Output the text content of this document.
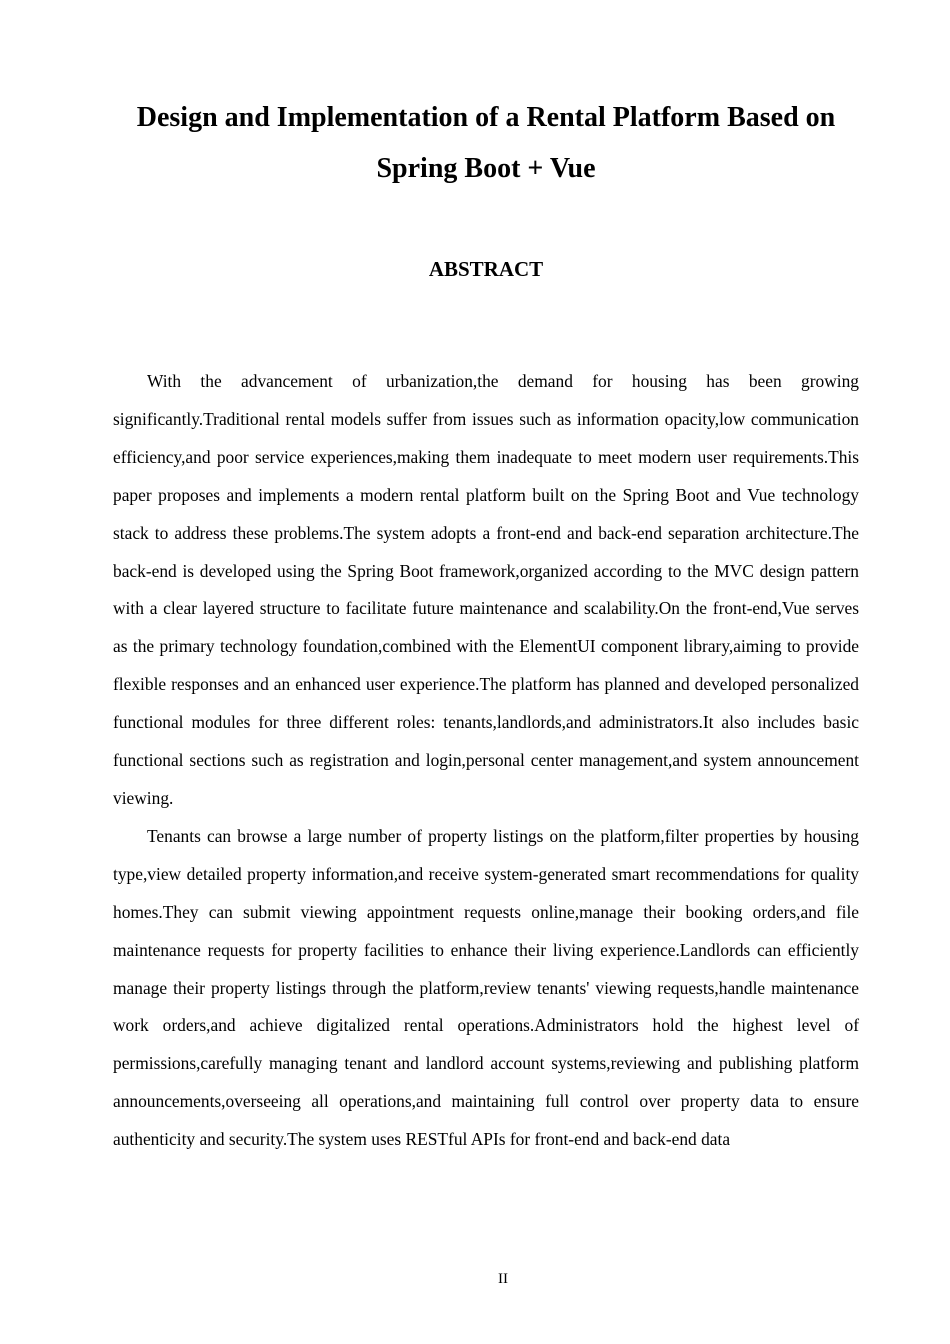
Design and Implementation of a Rental Platform Based on Spring Boot + Vue
ABSTRACT

With the advancement of urbanization,the demand for housing has been growing significantly.Traditional rental models suffer from issues such as information opacity,low communication efficiency,and poor service experiences,making them inadequate to meet modern user requirements.This paper proposes and implements a modern rental platform built on the Spring Boot and Vue technology stack to address these problems.The system adopts a front-end and back-end separation architecture.The back-end is developed using the Spring Boot framework,organized according to the MVC design pattern with a clear layered structure to facilitate future maintenance and scalability.On the front-end,Vue serves as the primary technology foundation,combined with the ElementUI component library,aiming to provide flexible responses and an enhanced user experience.The platform has planned and developed personalized functional modules for three different roles: tenants,landlords,and administrators.It also includes basic functional sections such as registration and login,personal center management,and system announcement viewing.

Tenants can browse a large number of property listings on the platform,filter properties by housing type,view detailed property information,and receive system-generated smart recommendations for quality homes.They can submit viewing appointment requests online,manage their booking orders,and file maintenance requests for property facilities to enhance their living experience.Landlords can efficiently manage their property listings through the platform,review tenants' viewing requests,handle maintenance work orders,and achieve digitalized rental operations.Administrators hold the highest level of permissions,carefully managing tenant and landlord account systems,reviewing and publishing platform announcements,overseeing all operations,and maintaining full control over property data to ensure authenticity and security.The system uses RESTful APIs for front-end and back-end data

II
